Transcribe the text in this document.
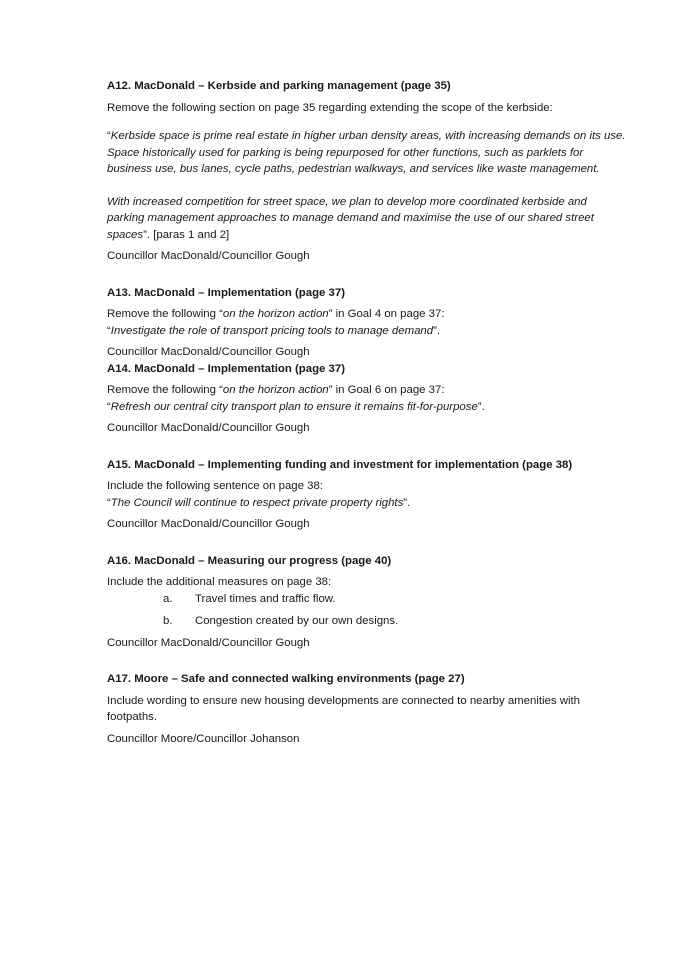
A12. MacDonald – Kerbside and parking management (page 35)

Remove the following section on page 35 regarding extending the scope of the kerbside:

“Kerbside space is prime real estate in higher urban density areas, with increasing demands on its use. Space historically used for parking is being repurposed for other functions, such as parklets for business use, bus lanes, cycle paths, pedestrian walkways, and services like waste management.

With increased competition for street space, we plan to develop more coordinated kerbside and parking management approaches to manage demand and maximise the use of our shared street spaces”. [paras 1 and 2]

Councillor MacDonald/Councillor Gough

A13. MacDonald – Implementation (page 37)

Remove the following “on the horizon action” in Goal 4 on page 37:

“Investigate the role of transport pricing tools to manage demand”.

Councillor MacDonald/Councillor Gough

A14. MacDonald – Implementation (page 37)

Remove the following “on the horizon action” in Goal 6 on page 37:

“Refresh our central city transport plan to ensure it remains fit-for-purpose”.

Councillor MacDonald/Councillor Gough

A15. MacDonald – Implementing funding and investment for implementation (page 38)

Include the following sentence on page 38:

“The Council will continue to respect private property rights”.

Councillor MacDonald/Councillor Gough

A16. MacDonald – Measuring our progress (page 40)

Include the additional measures on page 38:

a. Travel times and traffic flow.
b. Congestion created by our own designs.

Councillor MacDonald/Councillor Gough

A17. Moore – Safe and connected walking environments (page 27)

Include wording to ensure new housing developments are connected to nearby amenities with footpaths.

Councillor Moore/Councillor Johanson
